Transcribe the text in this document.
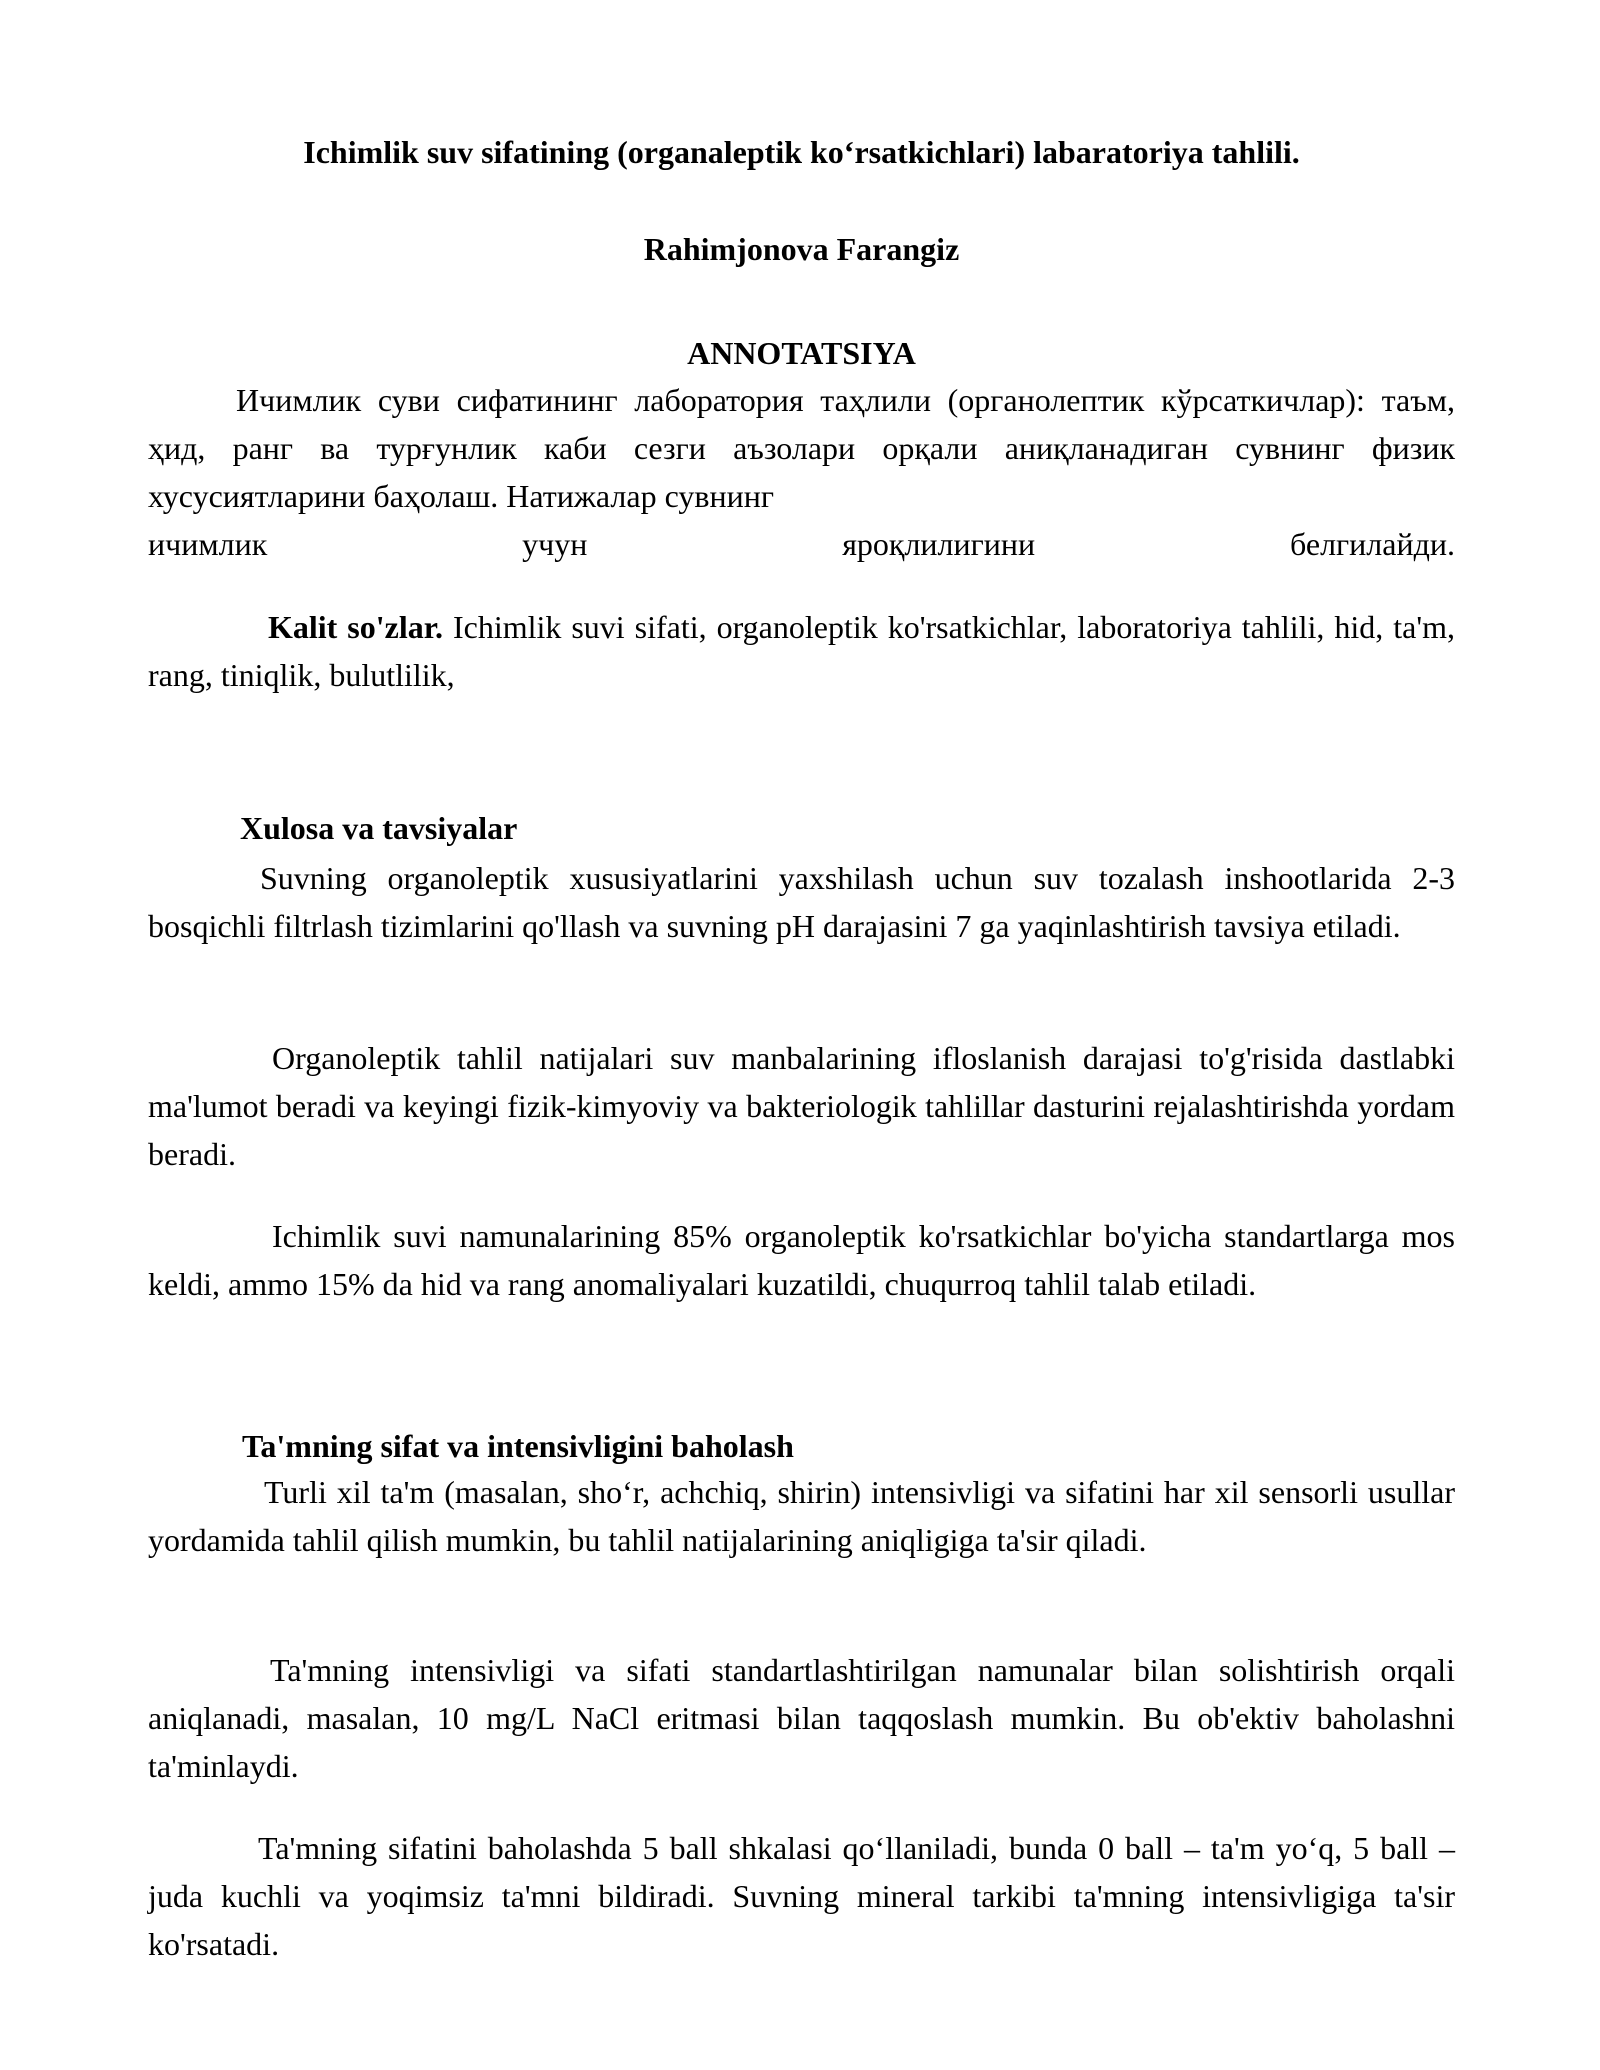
Ichimlik suv sifatining (organaleptik ko‘rsatkichlari) labaratoriya tahlili.
Rahimjonova Farangiz
ANNOTATSIYA
Ичимлик суви сифатининг лаборатория таҳлили (органолептик кўрсаткичлар): таъм, ҳид, ранг ва турғунлик каби сезги аъзолари орқали аниқланадиган сувнинг физик хусусиятларини баҳолаш. Натижалар сувнинг
ичимлик учун яроқлилигини белгилайди.
Kalit so'zlar. Ichimlik suvi sifati, organoleptik ko'rsatkichlar, laboratoriya tahlili, hid, ta'm, rang, tiniqlik, bulutlilik,
Xulosa va tavsiyalar
Suvning organoleptik xususiyatlarini yaxshilash uchun suv tozalash inshootlarida 2-3 bosqichli filtrlash tizimlarini qo'llash va suvning pH darajasini 7 ga yaqinlashtirish tavsiya etiladi.
Organoleptik tahlil natijalari suv manbalarining ifloslanish darajasi to'g'risida dastlabki ma'lumot beradi va keyingi fizik-kimyoviy va bakteriologik tahlillar dasturini rejalashtirishda yordam beradi.
Ichimlik suvi namunalarining 85% organoleptik ko'rsatkichlar bo'yicha standartlarga mos keldi, ammo 15% da hid va rang anomaliyalari kuzatildi, chuqurroq tahlil talab etiladi.
Ta'mning sifat va intensivligini baholash
Turli xil ta'm (masalan, sho‘r, achchiq, shirin) intensivligi va sifatini har xil sensorli usullar yordamida tahlil qilish mumkin, bu tahlil natijalarining aniqligiga ta'sir qiladi.
Ta'mning intensivligi va sifati standartlashtirilgan namunalar bilan solishtirish orqali aniqlanadi, masalan, 10 mg/L NaCl eritmasi bilan taqqoslash mumkin. Bu ob'ektiv baholashni ta'minlaydi.
Ta'mning sifatini baholashda 5 ball shkalasi qo‘llaniladi, bunda 0 ball – ta'm yo‘q, 5 ball – juda kuchli va yoqimsiz ta'mni bildiradi. Suvning mineral tarkibi ta'mning intensivligiga ta'sir ko'rsatadi.
